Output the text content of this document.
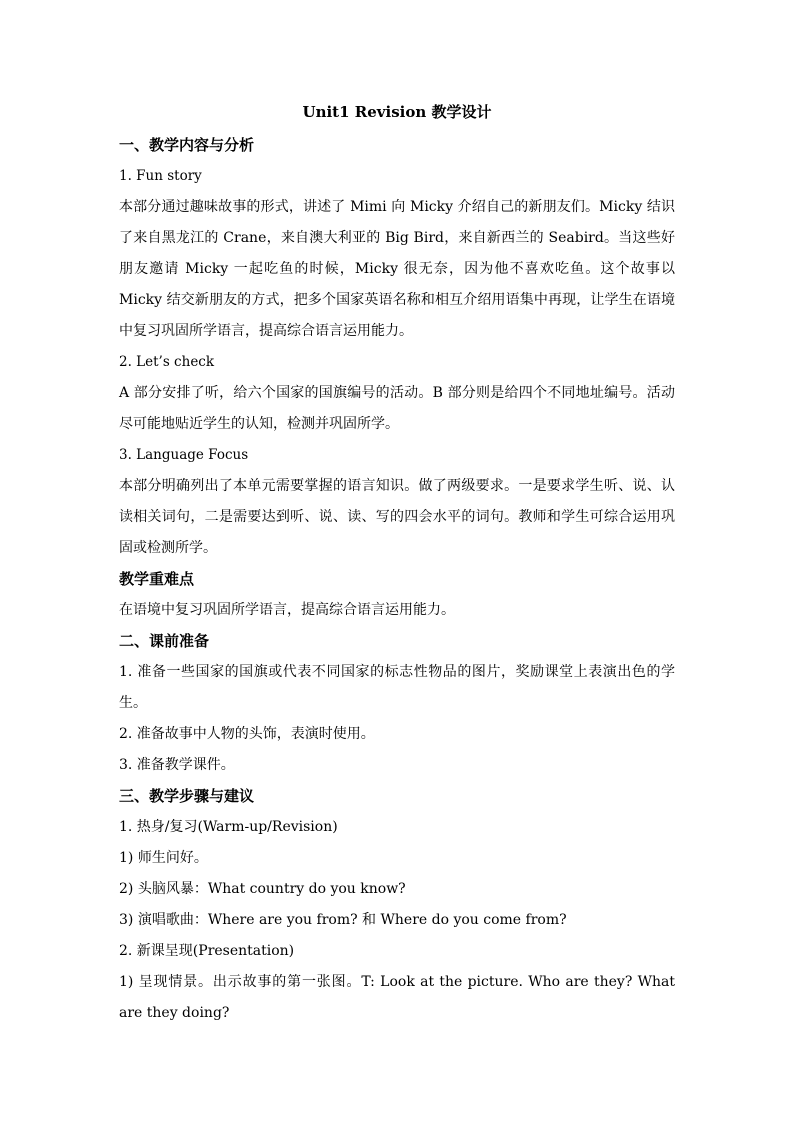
Unit1 Revision 教学设计

一、教学内容与分析

1. Fun story

本部分通过趣味故事的形式，讲述了 Mimi 向 Micky 介绍自己的新朋友们。Micky 结识了来自黑龙江的 Crane，来自澳大利亚的 Big Bird，来自新西兰的 Seabird。当这些好朋友邀请 Micky 一起吃鱼的时候，Micky 很无奈，因为他不喜欢吃鱼。这个故事以 Micky 结交新朋友的方式，把多个国家英语名称和相互介绍用语集中再现，让学生在语境中复习巩固所学语言，提高综合语言运用能力。

2. Let’s check

A 部分安排了听，给六个国家的国旗编号的活动。B 部分则是给四个不同地址编号。活动尽可能地贴近学生的认知，检测并巩固所学。

3. Language Focus

本部分明确列出了本单元需要掌握的语言知识。做了两级要求。一是要求学生听、说、认读相关词句，二是需要达到听、说、读、写的四会水平的词句。教师和学生可综合运用巩固或检测所学。

教学重难点

在语境中复习巩固所学语言，提高综合语言运用能力。

二、课前准备

1. 准备一些国家的国旗或代表不同国家的标志性物品的图片，奖励课堂上表演出色的学生。

2. 准备故事中人物的头饰，表演时使用。

3. 准备教学课件。

三、教学步骤与建议

1. 热身/复习(Warm-up/Revision)

1) 师生问好。

2) 头脑风暴：What country do you know?

3) 演唱歌曲：Where are you from? 和 Where do you come from?

2. 新课呈现(Presentation)

1) 呈现情景。出示故事的第一张图。T: Look at the picture. Who are they? What are they doing?
